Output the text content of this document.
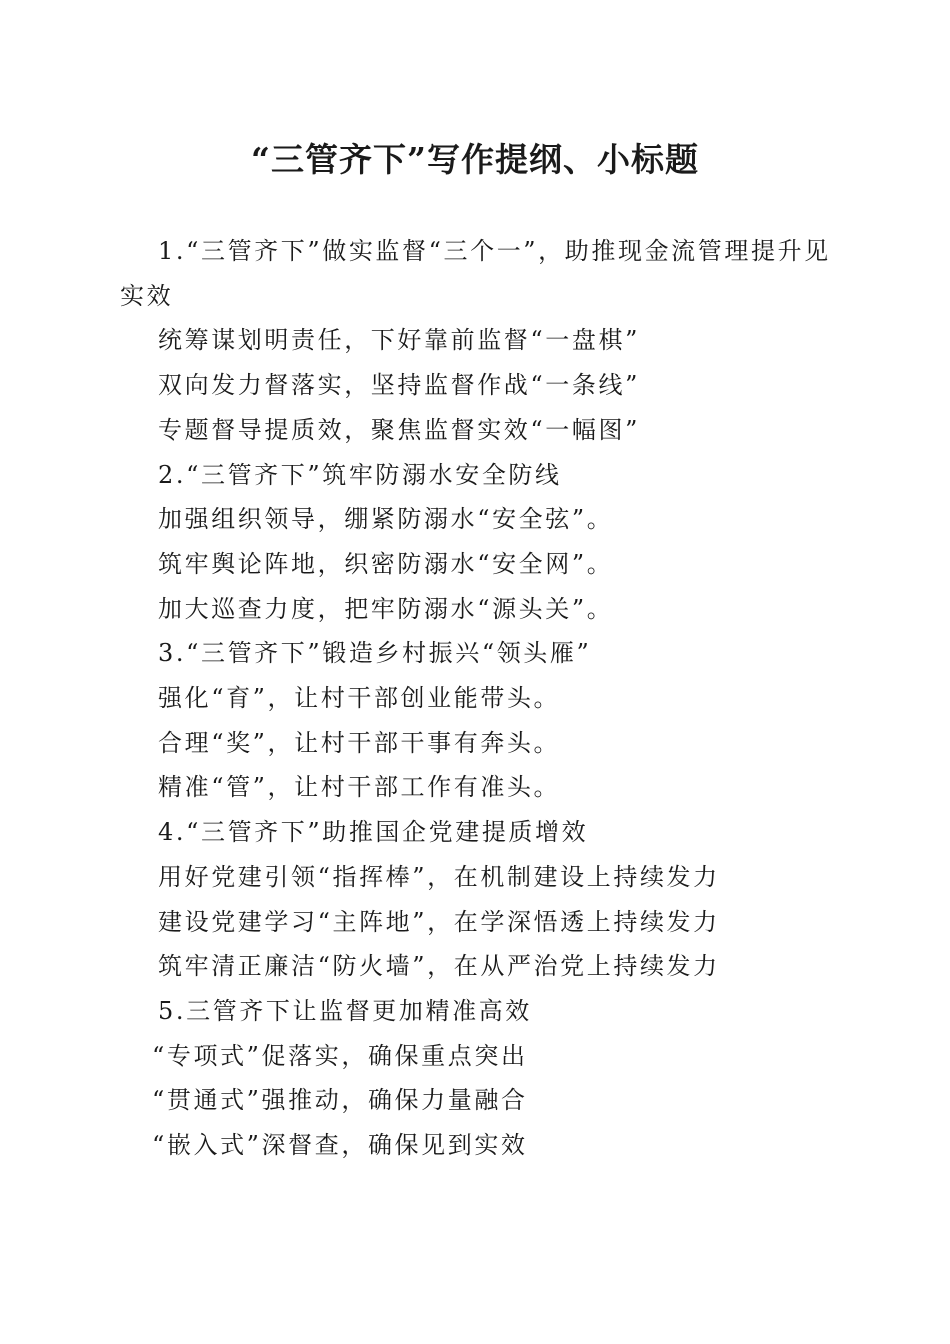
“三管齐下”写作提纲、小标题

1.“三管齐下”做实监督“三个一”，助推现金流管理提升见实效

统筹谋划明责任，下好靠前监督“一盘棋”

双向发力督落实，坚持监督作战“一条线”

专题督导提质效，聚焦监督实效“一幅图”

2.“三管齐下”筑牢防溺水安全防线

加强组织领导，绷紧防溺水“安全弦”。

筑牢舆论阵地，织密防溺水“安全网”。

加大巡查力度，把牢防溺水“源头关”。

3.“三管齐下”锻造乡村振兴“领头雁”

强化“育”，让村干部创业能带头。

合理“奖”，让村干部干事有奔头。

精准“管”，让村干部工作有准头。

4.“三管齐下”助推国企党建提质增效

用好党建引领“指挥棒”，在机制建设上持续发力

建设党建学习“主阵地”，在学深悟透上持续发力

筑牢清正廉洁“防火墙”，在从严治党上持续发力

5.三管齐下让监督更加精准高效

“专项式”促落实，确保重点突出

“贯通式”强推动，确保力量融合

“嵌入式”深督查，确保见到实效
